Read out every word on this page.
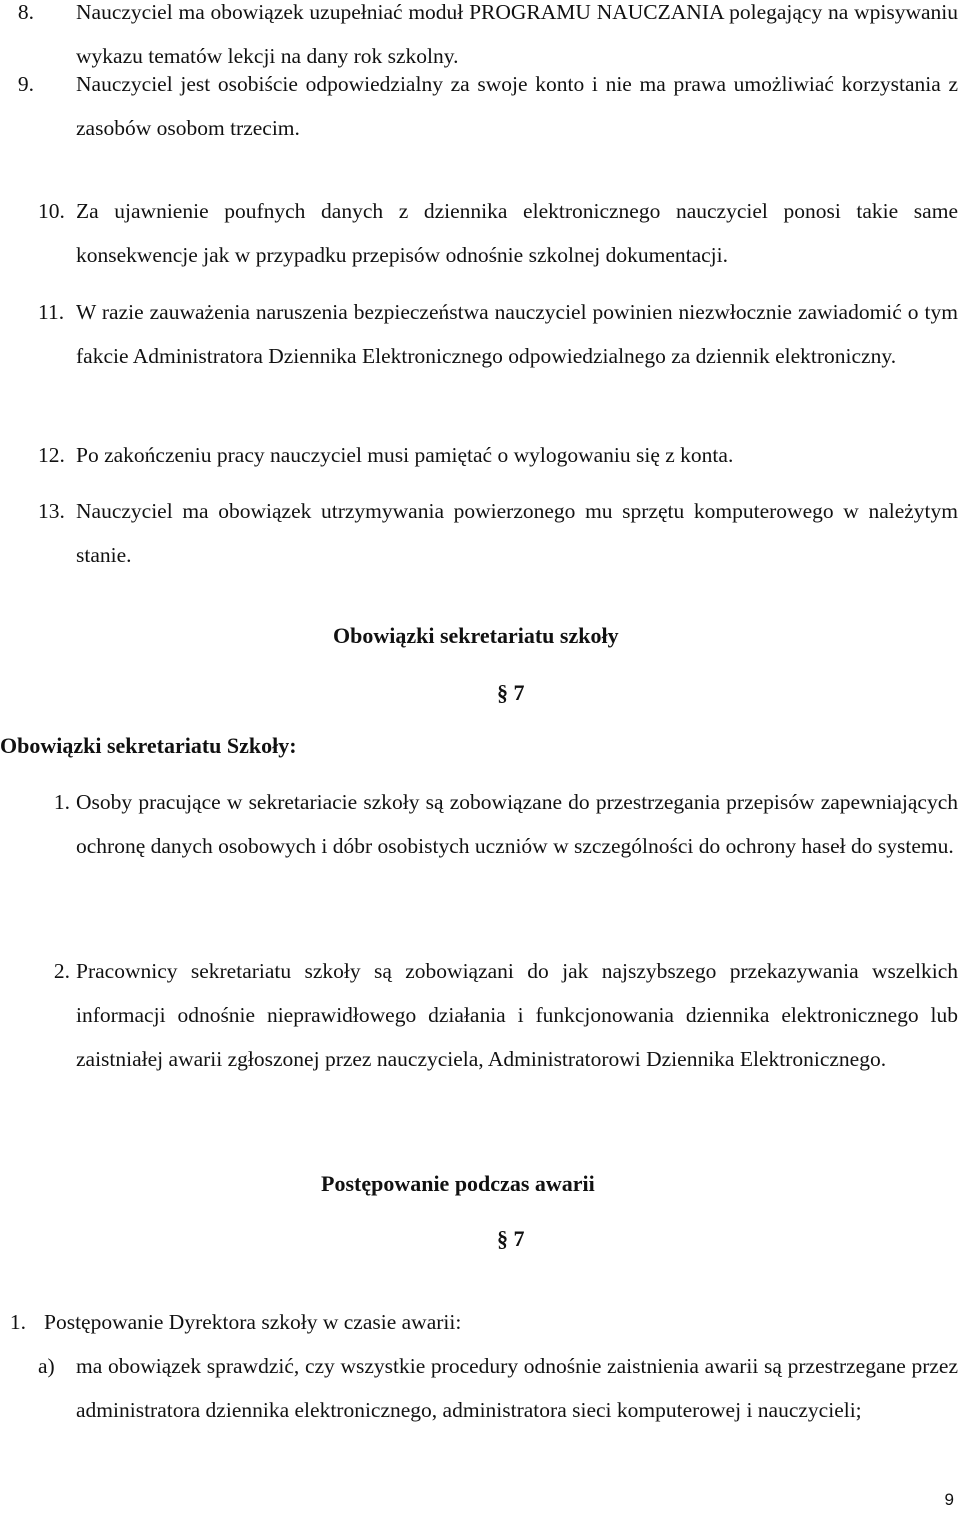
8. Nauczyciel ma obowiązek uzupełniać moduł PROGRAMU NAUCZANIA polegający na wpisywaniu wykazu tematów lekcji na dany rok szkolny.
9. Nauczyciel jest osobiście odpowiedzialny za swoje konto i nie ma prawa umożliwiać korzystania z zasobów osobom trzecim.
10. Za ujawnienie poufnych danych z dziennika elektronicznego nauczyciel ponosi takie same konsekwencje jak w przypadku przepisów odnośnie szkolnej dokumentacji.
11. W razie zauważenia naruszenia bezpieczeństwa nauczyciel powinien niezwłocznie zawiadomić o tym fakcie Administratora Dziennika Elektronicznego odpowiedzialnego za dziennik elektroniczny.
12. Po zakończeniu pracy nauczyciel musi pamiętać o wylogowaniu się z konta.
13. Nauczyciel ma obowiązek utrzymywania powierzonego mu sprzętu komputerowego w należytym stanie.
Obowiązki sekretariatu szkoły
§ 7
Obowiązki sekretariatu Szkoły:
1. Osoby pracujące w sekretariacie szkoły są zobowiązane do przestrzegania przepisów zapewniających ochronę danych osobowych i dóbr osobistych uczniów w szczególności do ochrony haseł do systemu.
2. Pracownicy sekretariatu szkoły są zobowiązani do jak najszybszego przekazywania wszelkich informacji odnośnie nieprawidłowego działania i funkcjonowania dziennika elektronicznego lub zaistniałej awarii zgłoszonej przez nauczyciela, Administratorowi Dziennika Elektronicznego.
Postępowanie podczas awarii
§ 7
1. Postępowanie Dyrektora szkoły w czasie awarii:
a) ma obowiązek sprawdzić, czy wszystkie procedury odnośnie zaistnienia awarii są przestrzegane przez administratora dziennika elektronicznego, administratora sieci komputerowej i nauczycieli;
9
